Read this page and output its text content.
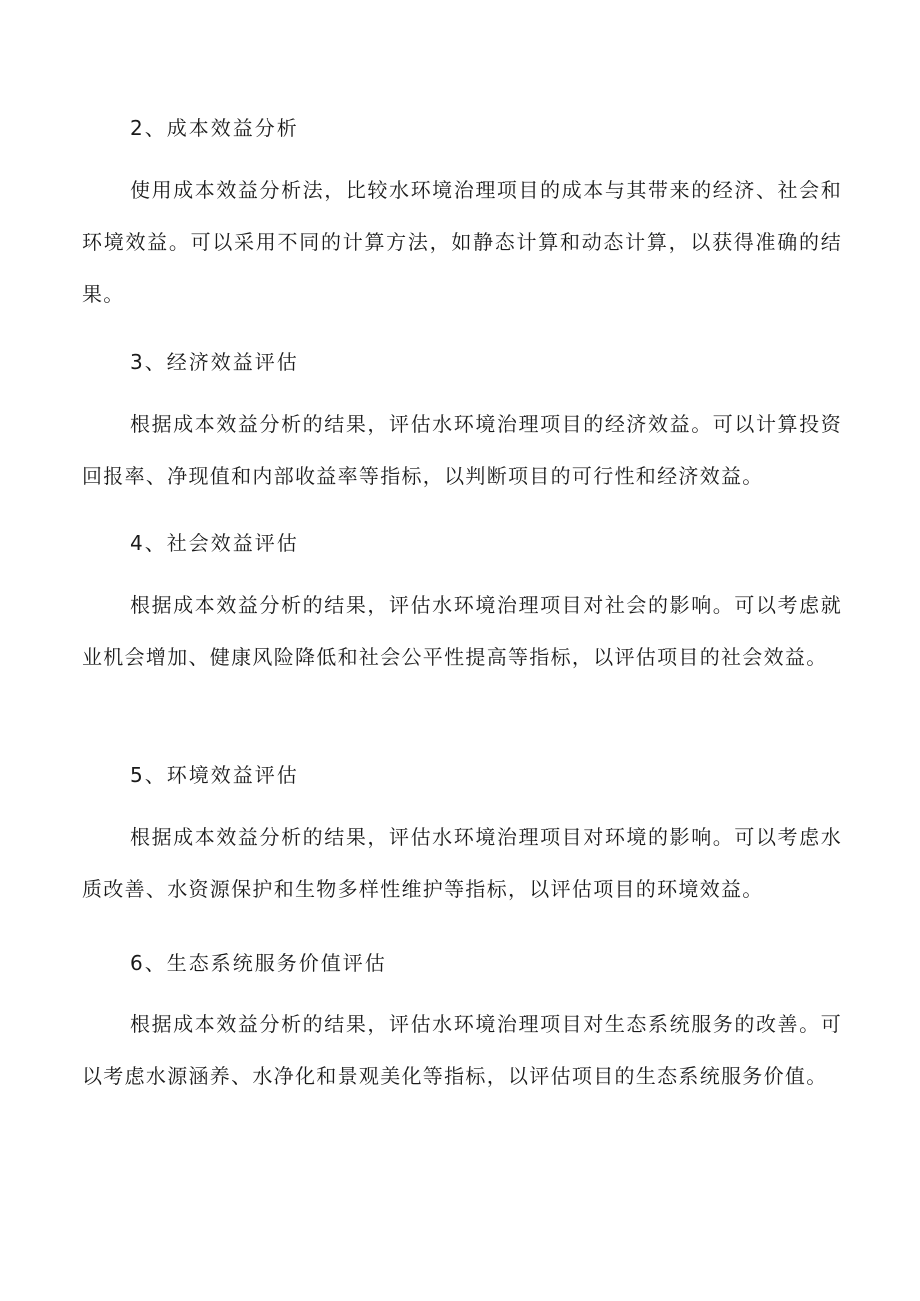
2、成本效益分析

使用成本效益分析法，比较水环境治理项目的成本与其带来的经济、社会和环境效益。可以采用不同的计算方法，如静态计算和动态计算，以获得准确的结果。

3、经济效益评估

根据成本效益分析的结果，评估水环境治理项目的经济效益。可以计算投资回报率、净现值和内部收益率等指标，以判断项目的可行性和经济效益。

4、社会效益评估

根据成本效益分析的结果，评估水环境治理项目对社会的影响。可以考虑就业机会增加、健康风险降低和社会公平性提高等指标，以评估项目的社会效益。

5、环境效益评估

根据成本效益分析的结果，评估水环境治理项目对环境的影响。可以考虑水质改善、水资源保护和生物多样性维护等指标，以评估项目的环境效益。

6、生态系统服务价值评估

根据成本效益分析的结果，评估水环境治理项目对生态系统服务的改善。可以考虑水源涵养、水净化和景观美化等指标，以评估项目的生态系统服务价值。
